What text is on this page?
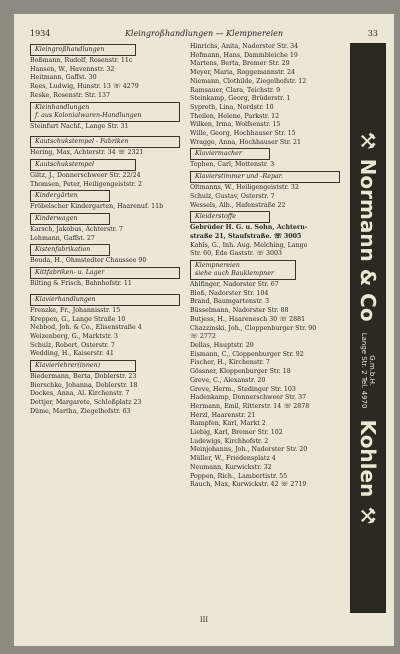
1934	Kleingroßhandlungen — Klempnereien	33
Kleingroßhandlungen
Boßmann, Rudolf, Rosenstr. 11c
Hansen, W., Havennstr. 32
Heitmann, Gaffst. 30
Rees, Ludwig, Hunstr. 13 ☏ 4279
Reske, Rosenstr. Str. 137
Kleinhandlungen
f. aus Kolonialwaren-Handlungen
Steinfurt Nachf., Lange Str. 31
Kautschukstempel - Fabriken
Hering, Max, Achterstr. 34 ☏ 2321
Kautschukstempel
Giltz, J., Donnerschweer Str. 22/24
Thomsen, Peter, Heiligengeiststr. 2
Kindergärten
Fröbelscher Kindergarten, Haarenuf. 11b
Kinderwagen
Karsch, Jakobus, Achterstr. 7
Lehmann, Gaffst. 27
Kistenfabrikation
Bouda, H., Ohmstedter Chaussee 90
Kittfabriken- u. Lager
Bilting & Frisch, Bahnhofstr. 11
Klavierhandlungen
Frenzke, Fr., Johannisstr. 15
Kreppen, G., Lange Straße 10
Nebbod, Joh. & Co., Elisenstraße 4
Weizenberg, G., Marktstr. 3
Schulz, Robert, Osterstr. 7
Wedding, H., Kaiserstr. 41
Klavierlehrer(innen)
Biedermann, Berta, Doblerstr. 23
Bierschke, Johanna, Doblerstr. 18
Dockes, Anna, Al. Kirchenstr. 7
Dettjer, Margarete, Schloßplatz 23
Düme, Martha, Ziegelhofstr. 63
Hinrichs, Anita, Nadorster Str. 34
Hofmann, Hans, Dammbleiche 19
Martens, Berta, Bremer Str. 29
Meyer, Maria, Roggemannstr. 24
Niemann, Clothilde, Ziegelhofstr. 12
Ramsauer, Clara, Teichstr. 9
Steinkamp, Georg, Brüderstr. 1
Sypreth, Lina, Nordstr. 10
Theilen, Helene, Parkstr. 12
Wilken, Irma, Wolfsenstr. 15
Wille, Georg, Hochhauser Str. 15
Wragge, Anna, Hochhauser Str. 21
Klaviermacher
Tophen, Carl, Mottenstr. 3
Klavierstimmer und -Repar.
Oltmanns, W., Heiligengeiststr. 32
Schulz, Gustav, Osterstr. 7
Wessels, Alb., Hafenstraße 22
Kleiderstoffe
Gebrüder H. G. u. Sohn, Achtern-
straße 21, Staufstraße. ☏ 3005
Kahls, G., Inh. Aug. Melching, Lange
Str. 60, Ede Gaststr. ☏ 3003
Klempnereien
siehe auch Bauklempner
Ahlfinger, Nadorster Str. 67
Bloß, Nadorster Str. 104
Brand, Baumgartenstr. 3
Büsselmann, Nadorster Str. 88
Butjess, H., Haarenesch 30 ☏ 2881
Chazzinski, Joh., Cloppenburger Str. 90
☏ 2772
Dellas, Hauptstr. 29
Eismann, C., Cloppenburger Str. 92
Fischer, H., Kirchenstr. 7
Gössner, Kloppenburger Str. 18
Greve, C., Alexanstr. 20
Greve, Herm., Stedinger Str. 103
Hadenkamp, Donnerschweer Str. 37
Hermann, Emil, Ritterstr. 14 ☏ 2878
Herzl, Haarenstr. 21
Rampfen, Karl, Markt 2
Liebig, Karl, Bremer Str. 102
Ludewigs, Kirchhofstr. 2
Meinjohanns, Joh., Nadorster Str. 20
Müller, W., Friedensplatz 4
Neumann, Kurwickstr. 32
Poppen, Rich., Lambertistr. 55
Rauch, Max, Kurwickstr. 42 ☏ 2719
⚒ Normann & Co G.m.b.H.
Lange Str. 2 Tel. 4970 Kohlen ⚒
III
